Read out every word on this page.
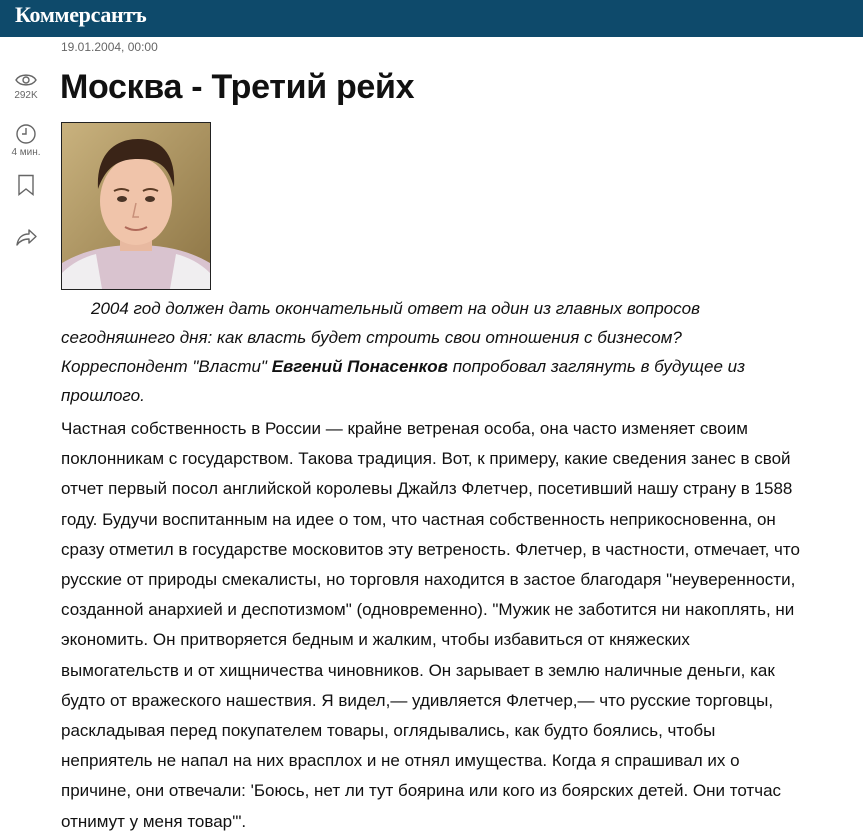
Коммерсантъ
19.01.2004, 00:00
Москва - Третий рейх
292K
4 мин.

2004 год должен дать окончательный ответ на один из главных вопросов сегодняшнего дня: как власть будет строить свои отношения с бизнесом? Корреспондент "Власти" Евгений Понасенков попробовал заглянуть в будущее из прошлого.

Частная собственность в России — крайне ветреная особа, она часто изменяет своим поклонникам с государством. Такова традиция. Вот, к примеру, какие сведения занес в свой отчет первый посол английской королевы Джайлз Флетчер, посетивший нашу страну в 1588 году. Будучи воспитанным на идее о том, что частная собственность неприкосновенна, он сразу отметил в государстве московитов эту ветреность. Флетчер, в частности, отмечает, что русские от природы смекалисты, но торговля находится в застое благодаря "неуверенности, созданной анархией и деспотизмом" (одновременно). "Мужик не заботится ни накоплять, ни экономить. Он притворяется бедным и жалким, чтобы избавиться от княжеских вымогательств и от хищничества чиновников. Он зарывает в землю наличные деньги, как будто от вражеского нашествия. Я видел,— удивляется Флетчер,— что русские торговцы, раскладывая перед покупателем товары, оглядывались, как будто боялись, чтобы неприятель не напал на них врасплох и не отнял имущества. Когда я спрашивал их о причине, они отвечали: 'Боюсь, нет ли тут боярина или кого из боярских детей. Они тотчас отнимут у меня товар'".
